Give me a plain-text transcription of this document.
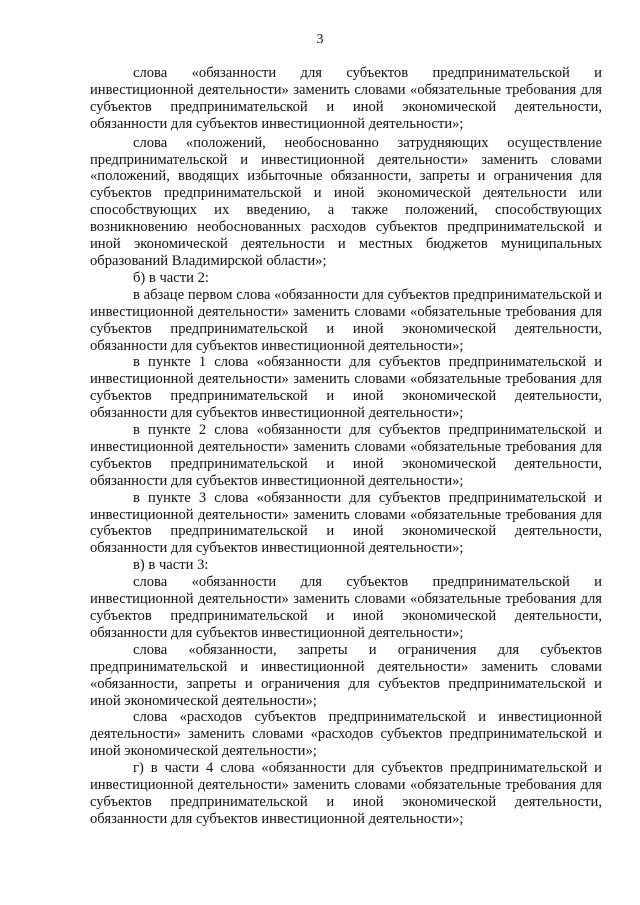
3

слова «обязанности для субъектов предпринимательской и инвестиционной деятельности» заменить словами «обязательные требования для субъектов предпринимательской и иной экономической деятельности, обязанности для субъектов инвестиционной деятельности»;

слова «положений, необоснованно затрудняющих осуществление предпринимательской и инвестиционной деятельности» заменить словами «положений, вводящих избыточные обязанности, запреты и ограничения для субъектов предпринимательской и иной экономической деятельности или способствующих их введению, а также положений, способствующих возникновению необоснованных расходов субъектов предпринимательской и иной экономической деятельности и местных бюджетов муниципальных образований Владимирской области»;

б) в части 2:

в абзаце первом слова «обязанности для субъектов предпринимательской и инвестиционной деятельности» заменить словами «обязательные требования для субъектов предпринимательской и иной экономической деятельности, обязанности для субъектов инвестиционной деятельности»;

в пункте 1 слова «обязанности для субъектов предпринимательской и инвестиционной деятельности» заменить словами «обязательные требования для субъектов предпринимательской и иной экономической деятельности, обязанности для субъектов инвестиционной деятельности»;

в пункте 2 слова «обязанности для субъектов предпринимательской и инвестиционной деятельности» заменить словами «обязательные требования для субъектов предпринимательской и иной экономической деятельности, обязанности для субъектов инвестиционной деятельности»;

в пункте 3 слова «обязанности для субъектов предпринимательской и инвестиционной деятельности» заменить словами «обязательные требования для субъектов предпринимательской и иной экономической деятельности, обязанности для субъектов инвестиционной деятельности»;

в) в части 3:

слова «обязанности для субъектов предпринимательской и инвестиционной деятельности» заменить словами «обязательные требования для субъектов предпринимательской и иной экономической деятельности, обязанности для субъектов инвестиционной деятельности»;

слова «обязанности, запреты и ограничения для субъектов предпринимательской и инвестиционной деятельности» заменить словами «обязанности, запреты и ограничения для субъектов предпринимательской и иной экономической деятельности»;

слова «расходов субъектов предпринимательской и инвестиционной деятельности» заменить словами «расходов субъектов предпринимательской и иной экономической деятельности»;

г) в части 4 слова «обязанности для субъектов предпринимательской и инвестиционной деятельности» заменить словами «обязательные требования для субъектов предпринимательской и иной экономической деятельности, обязанности для субъектов инвестиционной деятельности»;
